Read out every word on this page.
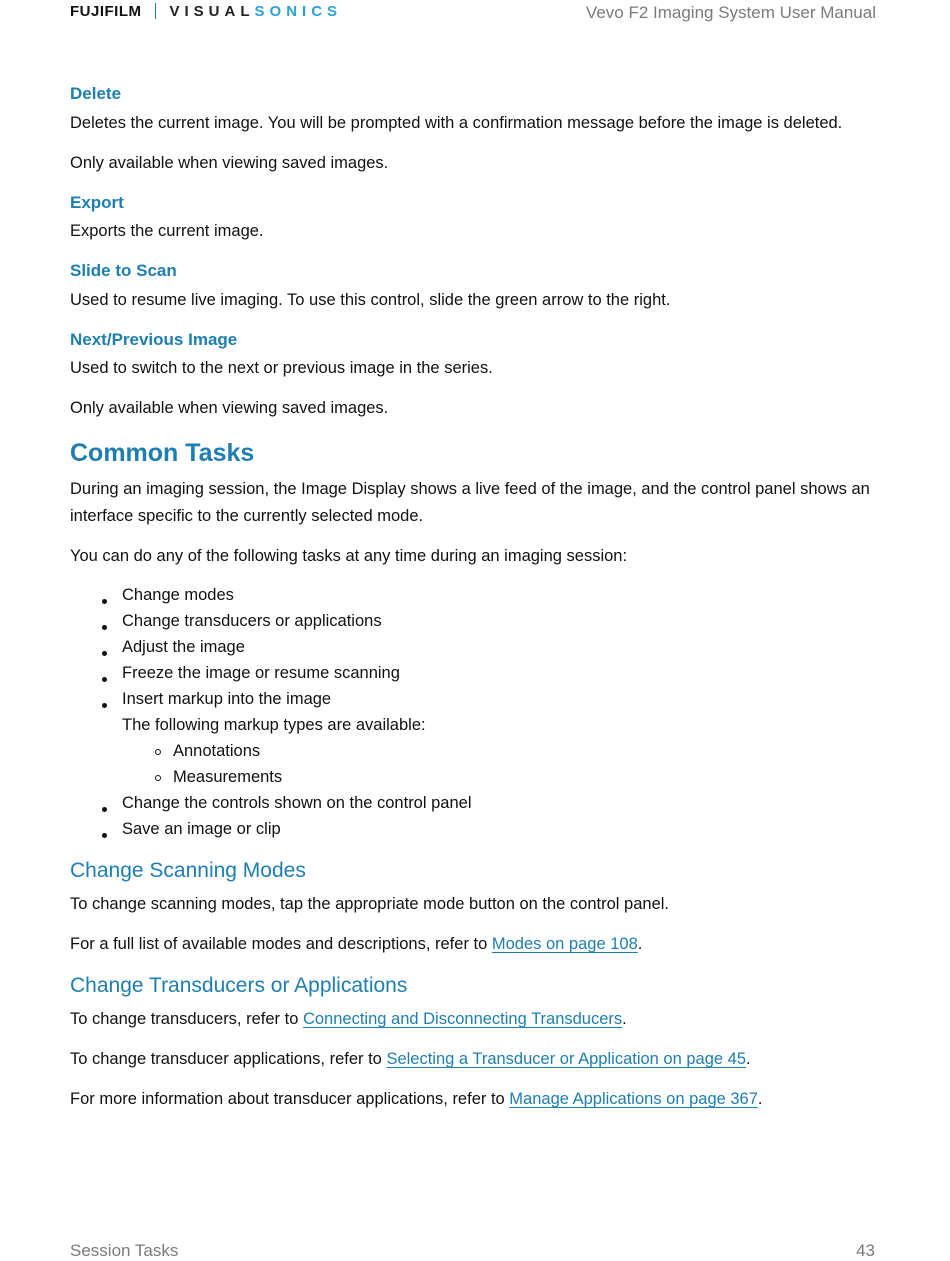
FUJIFILM VISUALSONICS	Vevo F2 Imaging System User Manual
Delete
Deletes the current image. You will be prompted with a confirmation message before the image is deleted.
Only available when viewing saved images.
Export
Exports the current image.
Slide to Scan
Used to resume live imaging. To use this control, slide the green arrow to the right.
Next/Previous Image
Used to switch to the next or previous image in the series.
Only available when viewing saved images.
Common Tasks
During an imaging session, the Image Display shows a live feed of the image, and the control panel shows an interface specific to the currently selected mode.
You can do any of the following tasks at any time during an imaging session:
Change modes
Change transducers or applications
Adjust the image
Freeze the image or resume scanning
Insert markup into the image
The following markup types are available:
Annotations
Measurements
Change the controls shown on the control panel
Save an image or clip
Change Scanning Modes
To change scanning modes, tap the appropriate mode button on the control panel.
For a full list of available modes and descriptions, refer to Modes on page 108.
Change Transducers or Applications
To change transducers, refer to Connecting and Disconnecting Transducers.
To change transducer applications, refer to Selecting a Transducer or Application on page 45.
For more information about transducer applications, refer to Manage Applications on page 367.
Session Tasks	43
